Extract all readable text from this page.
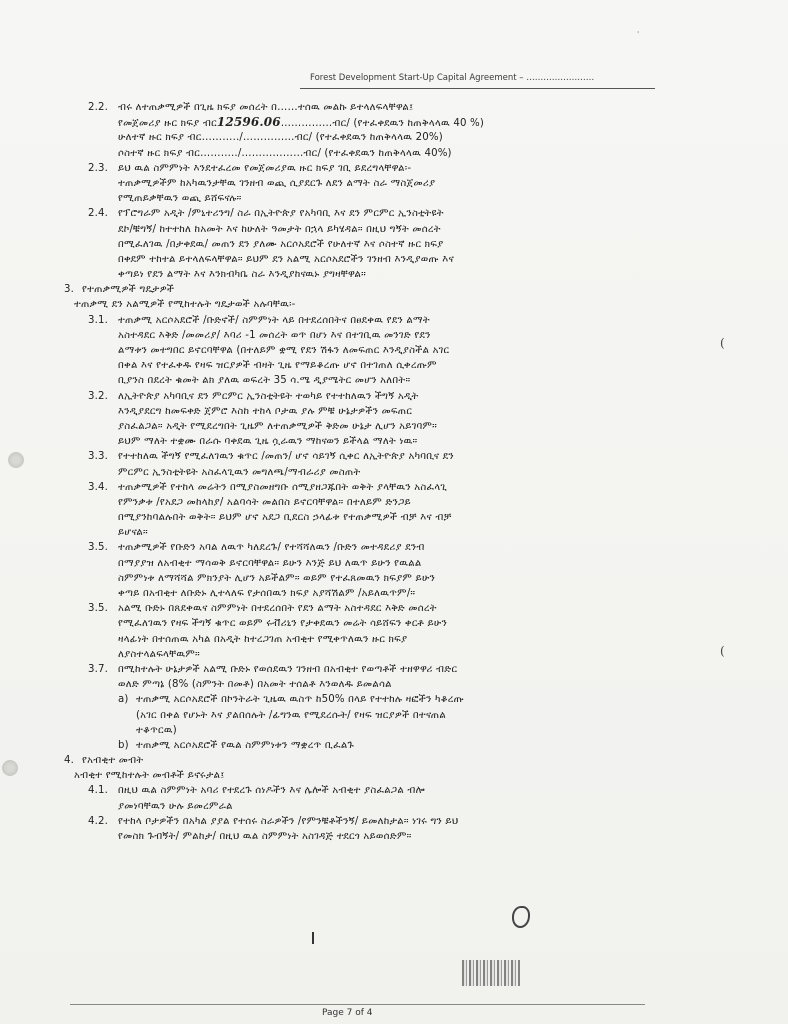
'
Forest Development Start-Up Capital Agreement – ……………………
2.2. ብሩ ለተጠቃሚዎች በጊዜ ክፍያ መሰረት በ……ተሰዉ መልኩ ይተላለፍላቸዋል፤
የመጀመሪያ ዙር ክፍያ ብር12596.06……………ብር/ (የተፈቀደዉን ከጠቅላላዉ 40 %)
ሁለተኛ ዙር ክፍያ ብር………../……………ብር/ (የተፈቀደዉን ከጠቅላላዉ 20%)
ሶስተኛ ዙር ክፍያ ብር………../………………ብር/ (የተፈቀደዉን ከጠቅላላዉ 40%)
2.3. ይህ ዉል ስምምነት እንደተፈረመ የመጀመሪያዉ ዙር ክፍያ ገቢ ይደረግላቸዋል፡-
ተጠቃሚዎችም ከአካዉንታቸዉ ገንዘብ ወጪ ሲያደርጉ ለደን ልማት ስራ ማስጀመሪያ
የሚጠይቃቸዉን ወጪ ይሸፍናሉ።
2.4. የፕሮግራም አዲት /ምኒተሪንግ/ ስራ በኢትዮጵያ የአካባቢ እና ደን ምርምር ኢንስቲትዩት
ደኮ/ቹግኝ/ ከተተከለ ከአመት እና ከሁለት ዓመታት በኋላ ይካሄዳል። በዚህ ግኝት መሰረት
በሚፈለገዉ /በታቀደዉ/ መጠን ደን ያለሙ አርሶአደሮች የሁለተኛ እና ሶስተኛ ዙር ክፍያ
በቀደም ተከተል ይተላለፍላቸዋል። ይህም ደን አልሚ አርሶአደሮችን ገንዘብ እንዲያወጡ እና
ቀጣይነ የደን ልማት እና እንክብካቤ ስራ እንዲያከናዉኑ ያግዛቸዋል።
3. የተጠቃሚዎች ግዴታዎች
ተጠቃሚ ደን አልሚዎች የሚከተሉት ግዴታወች አሉባቸዉ፡-
3.1. ተጠቃሚ አርሶአደሮች /ቡድኖች/ ስምምነት ላይ በተደረሰበትና በፀደቀዉ የደን ልማት
አስተዳደር እቅድ /መመሪያ/ እባሪ -1 መሰረት ወጥ በሆነ እና በተገቢዉ መንገድ የደን
ልማቱን መተግበር ይኖርባቸዋል (በተለይም ቋሚ የደን ሽፋን ለመፍጠር እንዲያስችል አገር
በቀል እና የተፈቀዱ የዛፍ ዝርያዎች ብዛት ጊዜ የማይቆረጡ ሆኖ በተገጠለ ሲቀረጡም
ቢያንስ በደረት ቁመት ልክ ያለዉ ወፍረት 35 ሳ.ሜ ዲያሜትር መሆን አለበት።
3.2. ለኢትዮጵያ አካባቢና ደን ምርምር ኢንስቲትዩት ተወካይ የተተከለዉን ችግኝ አዲት
እንዲያደርግ ከመፍቀድ ጀምሮ እስከ ተከላ ቦታዉ ያሉ ምቹ ሁኔታዎችን መፍጠር
ያስፈልጋል። አዲት የሚደረግበት ጊዜም ለተጠቃሚዎች ቅድመ ሁኔታ ሊሆን አይገባም።
ይህም ማለት ተቋሙ በራሱ ባቀደዉ ጊዜ ሷራዉን ማከናወን ይችላል ማለት ነዉ።
3.3. የተተከለዉ ችግኝ የሚፈለገዉን ቁጥር /መጠን/ ሆኖ ሳይገኝ ሲቀር ለኢትዮጵያ አካባቢና ደን
ምርምር ኢንስቲትዩት አስፈላጊዉን መግለጫ/ማብራሪያ መስጠት
3.4. ተጠቃሚዎች የተከላ መሬትን በሚያስመዘግቡ ሰሚያዘጋጁበት ወቅት ያላቸዉን አስፈላጊ
የምንቃቱ /የአደጋ መከላከያ/ አልባሳት መልበስ ይኖርባቸዋል። በተለይም ድንጋይ
በሚያንከባልሉበት ወቅት። ይህም ሆኖ አደጋ ቢደርስ ኃላፊቱ የተጠቃሚዎች ብቻ እና ብቻ
ይሆናል።
3.5. ተጠቃሚዎች የቡድን አባል ለዉጥ ካለደረጉ/ የተሻሻለዉን /ቡድን መተዳደሪያ ደንብ
በማያያዝ ለአብቂተ ማሳወቅ ይኖርባቸዋል። ይሁን እንጅ ይህ ለዉጥ ይሁን የዉልል
ስምምነቱ ለማሻሻል ምክንያት ሊሆን አይችልም። ወይም የተፈጸመዉን ክፍያም ይሁን
ቀጣይ በአብቂተ ለቡድኑ ሊተላለፍ የታሰበዉን ክፍያ አያሻሽልም /አይለዉጥም/።
3.5. አልሚ ቡድኑ በጸደቀዉና ስምምነት በተደረሰበት የደን ልማት አስተዳደር እቅድ መሰረት
የሚፈለገዉን የዛፍ ችግኝ ቁጥር ወይም ሩቭሪኒን የታቀደዉን መሬት ሳይሸፍን ቀርቶ ይሁን
ዛላፊነት በተሰጠዉ አካል በአዲት ከተረጋገጠ አብቂተ የሚቀጥለዉን ዙር ክፍያ
ለያስተላልፍላቸዉም።
3.7. በሚከተሉት ሁኔታዎች አልሚ ቡድኑ የወሰደዉን ገንዘብ በአብቂተ የወጣቶች ተዘዋዋሪ ብድር
ወለድ ምጣኔ (8% (ስምንት በመቶ) በአመት ተሰልቶ እንወለዱ ይመልሳል
a) ተጠቃሚ አርሶአደሮች በኮንትራት ጊዜዉ ዉስጥ ከ50% በላይ የተተከሉ ዛፎችን ካቆረጡ
(አገር በቀል የሆኑት እና ያልበሰሉት /ፊግንዉ የሚደረሱት/ የዛፍ ዝርያዎች በተናጠል
ተቆጥርዉ)
b) ተጠቃሚ አርሶአደሮች የዉል ስምምነቱን ማቋረጥ ቢፈልጉ
4. የአብቂተ መብት
አብቂተ የሚከተሉት መብቶች ይኖሩታል፤
4.1. በዚህ ዉል ስምምነት አባሪ የተደረጉ ሰነዶችን እና ሌሎች አብቂተ ያስፈልጋል ብሎ
ያመነባቸዉን ሁሉ ይመረምራል
4.2. የተከላ ቦታዎችን በአካል ያያል የተሰሩ ስራዎችን /የምንቹቶችንኝ/ ይመለከታል። ነገሩ ግን ይህ
የመስክ ጉብኝት/ ምልከታ/ በዚህ ዉል ስምምነት አስገዳጅ ተደርጎ አይወሰድም።
(
(
Page 7 of 4
